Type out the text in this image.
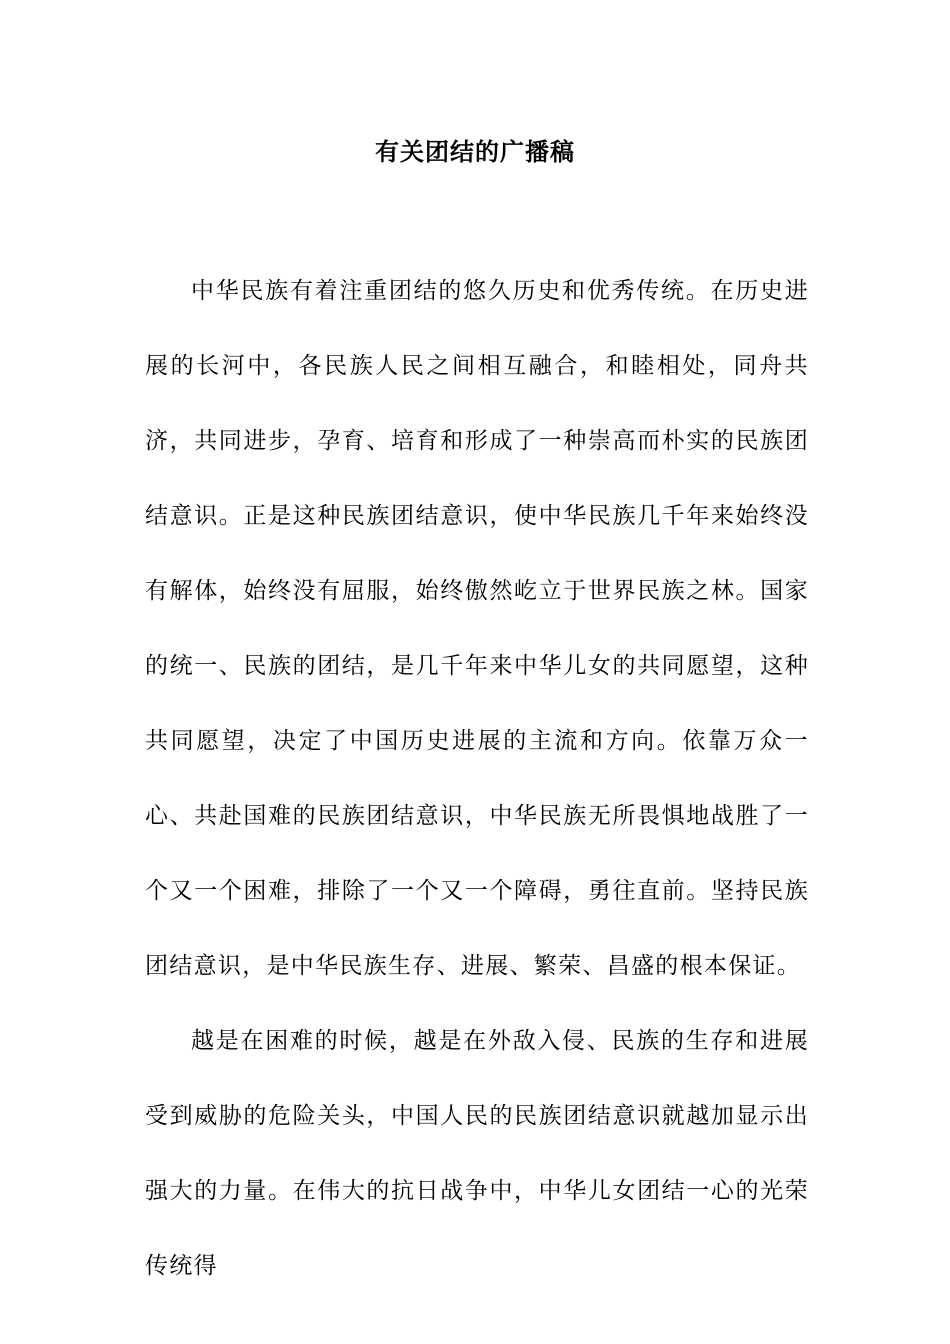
有关团结的广播稿

中华民族有着注重团结的悠久历史和优秀传统。在历史进展的长河中，各民族人民之间相互融合，和睦相处，同舟共济，共同进步，孕育、培育和形成了一种崇高而朴实的民族团结意识。正是这种民族团结意识，使中华民族几千年来始终没有解体，始终没有屈服，始终傲然屹立于世界民族之林。国家的统一、民族的团结，是几千年来中华儿女的共同愿望，这种共同愿望，决定了中国历史进展的主流和方向。依靠万众一心、共赴国难的民族团结意识，中华民族无所畏惧地战胜了一个又一个困难，排除了一个又一个障碍，勇往直前。坚持民族团结意识，是中华民族生存、进展、繁荣、昌盛的根本保证。

越是在困难的时候，越是在外敌入侵、民族的生存和进展受到威胁的危险关头，中国人民的民族团结意识就越加显示出强大的力量。在伟大的抗日战争中，中华儿女团结一心的光荣传统得
